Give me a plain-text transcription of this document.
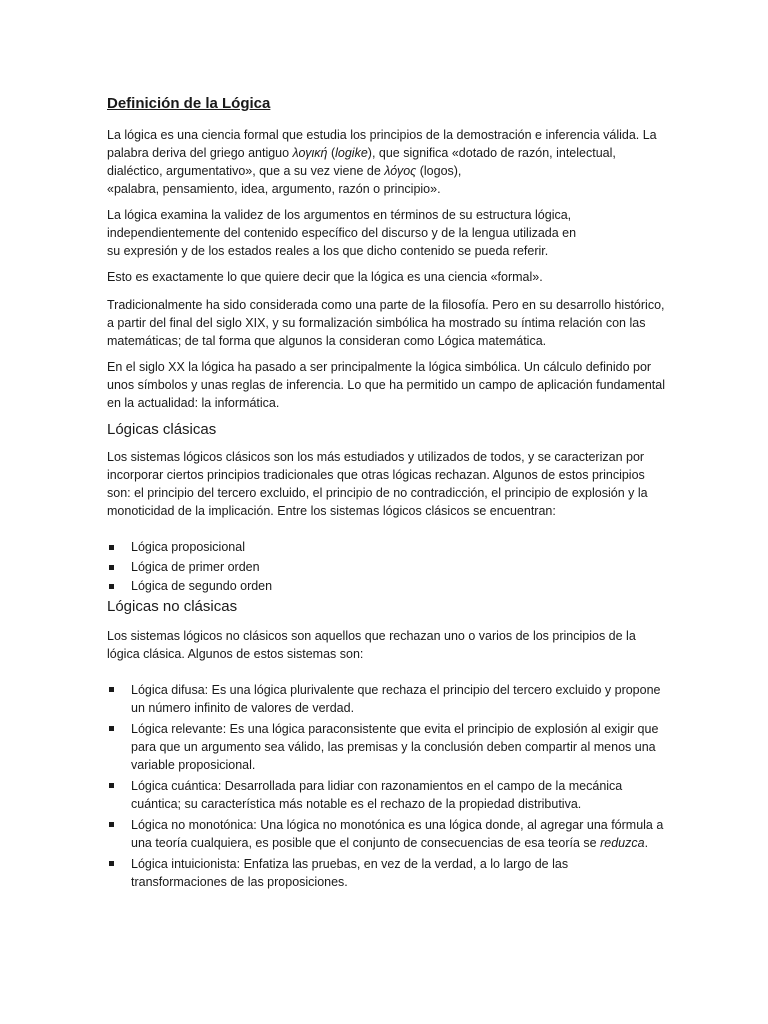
Definición de la Lógica

La lógica es una ciencia formal que estudia los principios de la demostración e inferencia válida. La palabra deriva del griego antiguo λογική (logike), que significa «dotado de razón, intelectual, dialéctico, argumentativo», que a su vez viene de λόγος (logos),
«palabra, pensamiento, idea, argumento, razón o principio».

La lógica examina la validez de los argumentos en términos de su estructura lógica,
independientemente del contenido específico del discurso y de la lengua utilizada en
su expresión y de los estados reales a los que dicho contenido se pueda referir.

Esto es exactamente lo que quiere decir que la lógica es una ciencia «formal».

Tradicionalmente ha sido considerada como una parte de la filosofía. Pero en su desarrollo histórico, a partir del final del siglo XIX, y su formalización simbólica ha mostrado su íntima relación con las matemáticas; de tal forma que algunos la consideran como Lógica matemática.

En el siglo XX la lógica ha pasado a ser principalmente la lógica simbólica. Un cálculo definido por unos símbolos y unas reglas de inferencia. Lo que ha permitido un campo de aplicación fundamental en la actualidad: la informática.

Lógicas clásicas

Los sistemas lógicos clásicos son los más estudiados y utilizados de todos, y se caracterizan por incorporar ciertos principios tradicionales que otras lógicas rechazan. Algunos de estos principios son: el principio del tercero excluido, el principio de no contradicción, el principio de explosión y la monoticidad de la implicación. Entre los sistemas lógicos clásicos se encuentran:

Lógica proposicional
Lógica de primer orden
Lógica de segundo orden
Lógicas no clásicas

Los sistemas lógicos no clásicos son aquellos que rechazan uno o varios de los principios de la lógica clásica. Algunos de estos sistemas son:

Lógica difusa: Es una lógica plurivalente que rechaza el principio del tercero excluido y propone un número infinito de valores de verdad.
Lógica relevante: Es una lógica paraconsistente que evita el principio de explosión al exigir que para que un argumento sea válido, las premisas y la conclusión deben compartir al menos una variable proposicional.
Lógica cuántica: Desarrollada para lidiar con razonamientos en el campo de la mecánica cuántica; su característica más notable es el rechazo de la propiedad distributiva.
Lógica no monotónica: Una lógica no monotónica es una lógica donde, al agregar una fórmula a una teoría cualquiera, es posible que el conjunto de consecuencias de esa teoría se reduzca.
Lógica intuicionista: Enfatiza las pruebas, en vez de la verdad, a lo largo de las transformaciones de las proposiciones.
